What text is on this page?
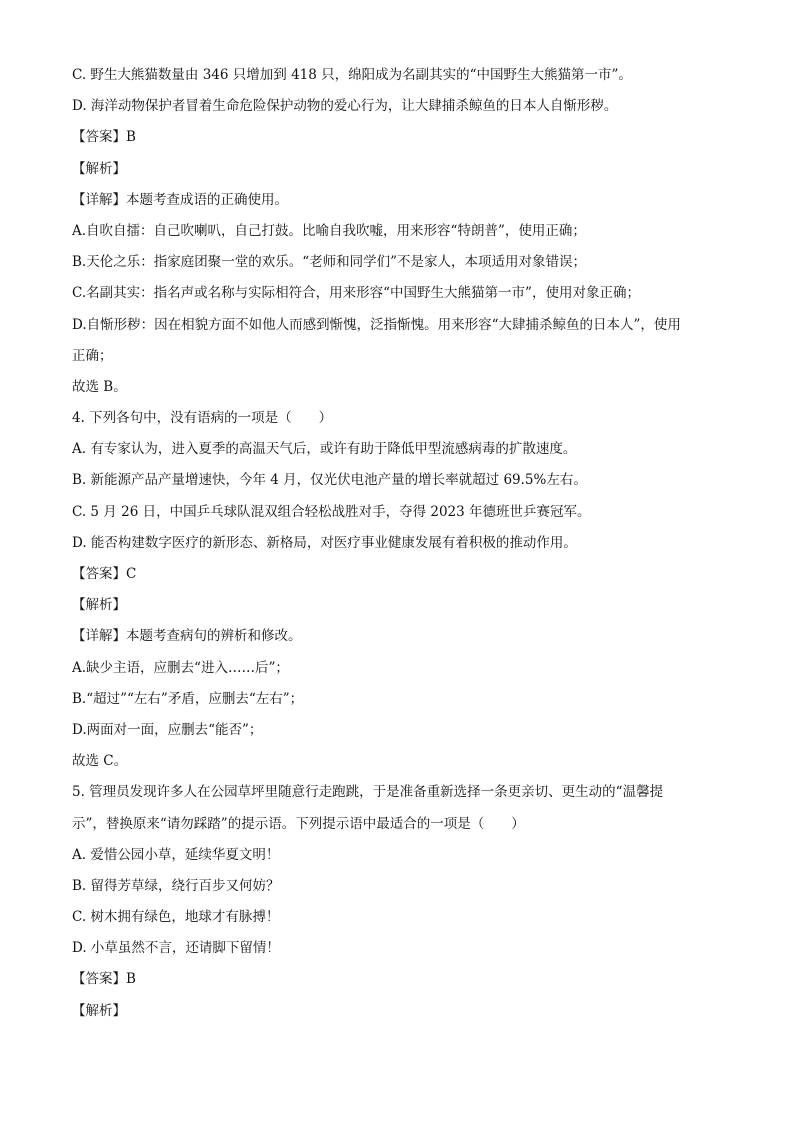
C. 野生大熊猫数量由 346 只增加到 418 只，绵阳成为名副其实的“中国野生大熊猫第一市”。
D. 海洋动物保护者冒着生命危险保护动物的爱心行为，让大肆捕杀鲸鱼的日本人自惭形秽。
【答案】B
【解析】
【详解】本题考查成语的正确使用。
A.自吹自擂：自己吹喇叭，自己打鼓。比喻自我吹嘘，用来形容“特朗普”，使用正确；
B.天伦之乐：指家庭团聚一堂的欢乐。“老师和同学们”不是家人，本项适用对象错误；
C.名副其实：指名声或名称与实际相符合，用来形容“中国野生大熊猫第一市”，使用对象正确；
D.自惭形秽：因在相貌方面不如他人而感到惭愧，泛指惭愧。用来形容“大肆捕杀鲸鱼的日本人”，使用
正确；
故选 B。
4. 下列各句中，没有语病的一项是（　　）
A. 有专家认为，进入夏季的高温天气后，或许有助于降低甲型流感病毒的扩散速度。
B. 新能源产品产量增速快，今年 4 月，仅光伏电池产量的增长率就超过 69.5%左右。
C. 5 月 26 日，中国乒乓球队混双组合轻松战胜对手，夺得 2023 年德班世乒赛冠军。
D. 能否构建数字医疗的新形态、新格局，对医疗事业健康发展有着积极的推动作用。
【答案】C
【解析】
【详解】本题考查病句的辨析和修改。
A.缺少主语，应删去“进入……后”；
B.“超过”“左右”矛盾，应删去“左右”；
D.两面对一面，应删去“能否”；
故选 C。
5. 管理员发现许多人在公园草坪里随意行走跑跳，于是准备重新选择一条更亲切、更生动的“温馨提
示”，替换原来“请勿踩踏”的提示语。下列提示语中最适合的一项是（　　）
A. 爱惜公园小草，延续华夏文明！
B. 留得芳草绿，绕行百步又何妨？
C. 树木拥有绿色，地球才有脉搏！
D. 小草虽然不言，还请脚下留情！
【答案】B
【解析】
